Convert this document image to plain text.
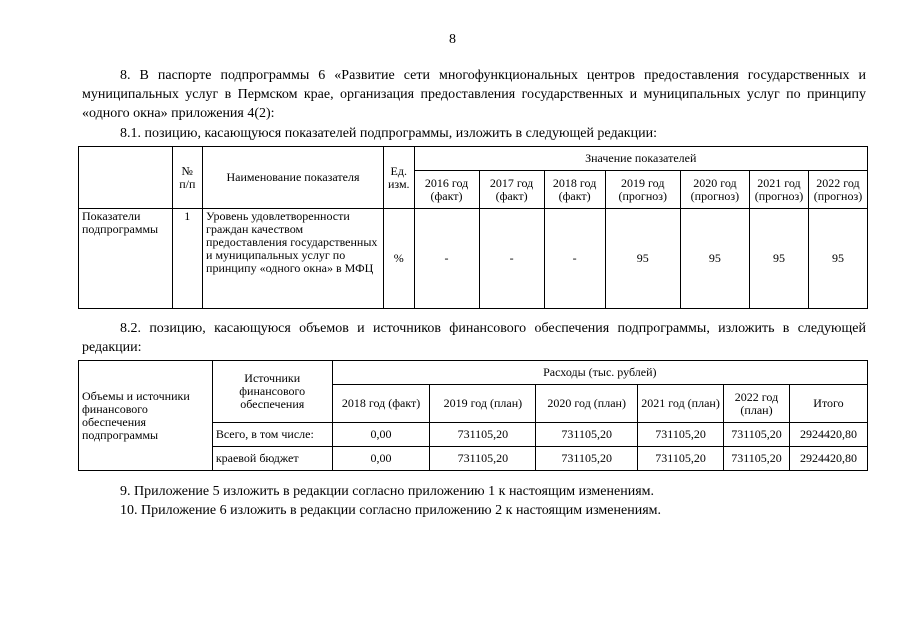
8
8. В паспорте подпрограммы 6 «Развитие сети многофункциональных центров предоставления государственных и муниципальных услуг в Пермском крае, организация предоставления государственных и муниципальных услуг по принципу «одного окна» приложения 4(2):
8.1. позицию, касающуюся показателей подпрограммы, изложить в следующей редакции:
	№ п/п	Наименование показателя	Ед. изм.	Значение показателей						
				2016 год (факт)	2017 год (факт)	2018 год (факт)	2019 год (прогноз)	2020 год (прогноз)	2021 год (прогноз)	2022 год (прогноз)
Показатели подпрограммы	1	Уровень удовлетворенности граждан качеством предоставления государственных и муниципальных услуг по принципу «одного окна» в МФЦ	%	-	-	-	95	95	95	95
8.2. позицию, касающуюся объемов и источников финансового обеспечения подпрограммы, изложить в следующей редакции:
Объемы и источники финансового обеспечения подпрограммы	Источники финансового обеспечения	Расходы (тыс. рублей)					
		2018 год (факт)	2019 год (план)	2020 год (план)	2021 год (план)	2022 год (план)	Итого
	Всего, в том числе:	0,00	731105,20	731105,20	731105,20	731105,20	2924420,80
	краевой бюджет	0,00	731105,20	731105,20	731105,20	731105,20	2924420,80
9. Приложение 5 изложить в редакции согласно приложению 1 к настоящим изменениям.
10. Приложение 6 изложить в редакции согласно приложению 2 к настоящим изменениям.
